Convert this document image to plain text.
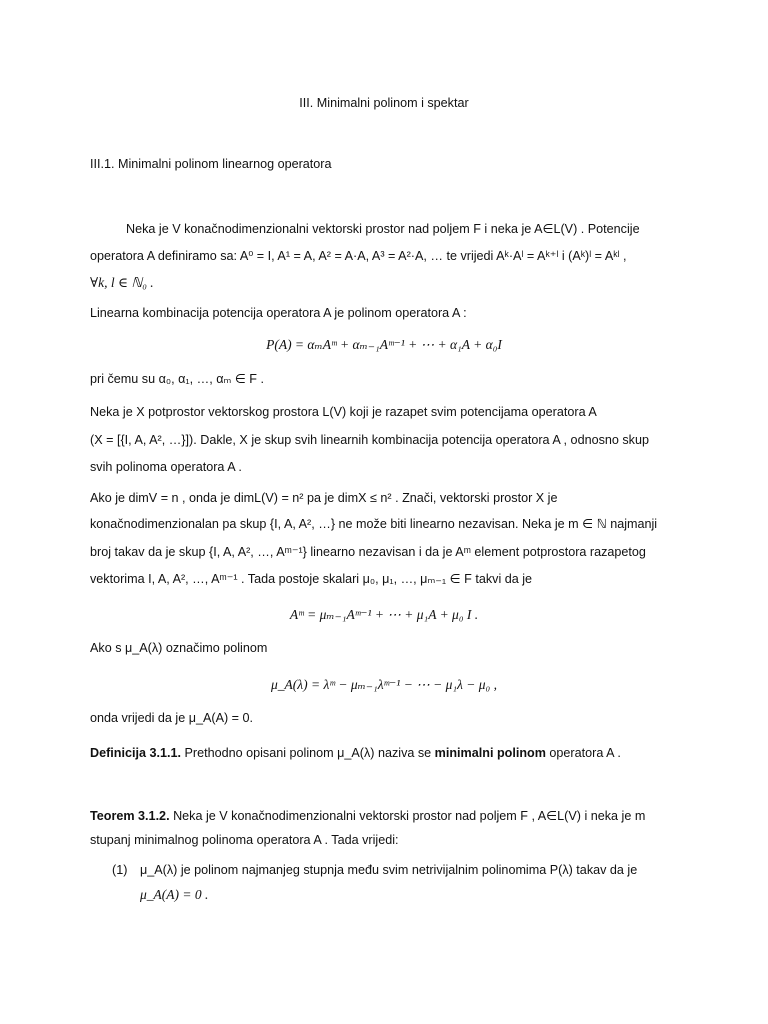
III. Minimalni polinom i spektar
III.1. Minimalni polinom linearnog operatora
Neka je V konačnodimenzionalni vektorski prostor nad poljem F i neka je A∈L(V) . Potencije
operatora A definiramo sa: A⁰ = I, A¹ = A, A² = A·A, A³ = A²·A, … te vrijedi Aᵏ·Aˡ = Aᵏ⁺ˡ i (Aᵏ)ˡ = Aᵏˡ ,
∀k, l ∈ ℕ₀ .
Linearna kombinacija potencija operatora A je polinom operatora A :
P(A) = αₘAᵐ + αₘ₋₁Aᵐ⁻¹ + ⋯ + α₁A + α₀I
pri čemu su α₀, α₁, …, αₘ ∈ F .
Neka je X potprostor vektorskog prostora L(V) koji je razapet svim potencijama operatora A
(X = [{I, A, A², …}]). Dakle, X je skup svih linearnih kombinacija potencija operatora A , odnosno skup
svih polinoma operatora A .
Ako je dimV = n , onda je dimL(V) = n² pa je dimX ≤ n² . Znači, vektorski prostor X je
konačnodimenzionalan pa skup {I, A, A², …} ne može biti linearno nezavisan. Neka je m ∈ ℕ najmanji
broj takav da je skup {I, A, A², …, Aᵐ⁻¹} linearno nezavisan i da je Aᵐ element potprostora razapetog
vektorima I, A, A², …, Aᵐ⁻¹ . Tada postoje skalari μ₀, μ₁, …, μₘ₋₁ ∈ F takvi da je
Aᵐ = μₘ₋₁Aᵐ⁻¹ + ⋯ + μ₁A + μ₀ I .
Ako s μ_A(λ) označimo polinom
μ_A(λ) = λᵐ − μₘ₋₁λᵐ⁻¹ − ⋯ − μ₁λ − μ₀ ,
onda vrijedi da je μ_A(A) = 0.
Definicija 3.1.1. Prethodno opisani polinom μ_A(λ) naziva se minimalni polinom operatora A .
Teorem 3.1.2. Neka je V konačnodimenzionalni vektorski prostor nad poljem F , A∈L(V) i neka je m
stupanj minimalnog polinoma operatora A . Tada vrijedi:
(1) μ_A(λ) je polinom najmanjeg stupnja među svim netrivijalnim polinomima P(λ) takav da je
μ_A(A) = 0 .
